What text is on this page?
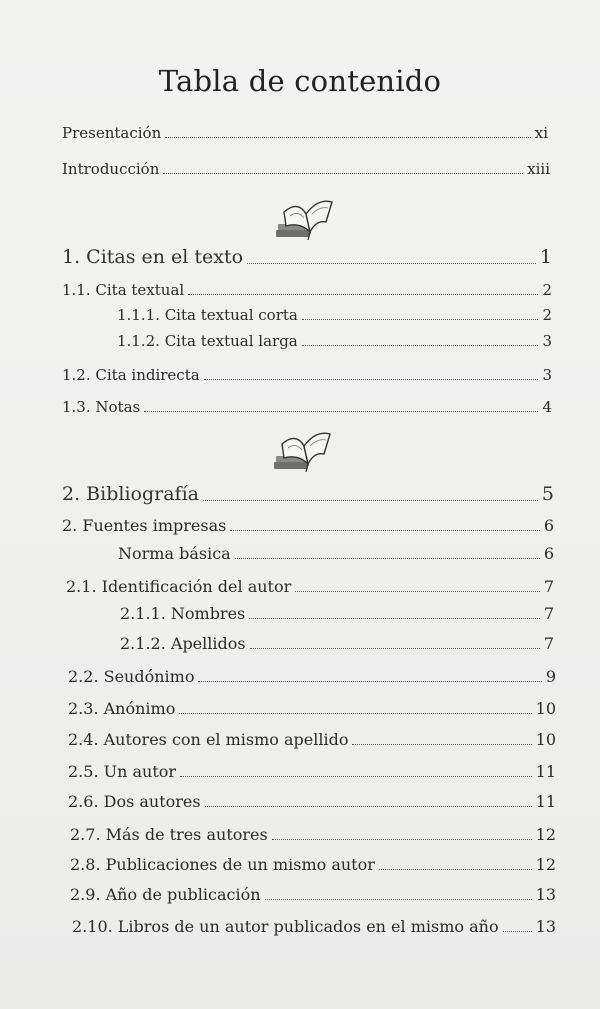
Tabla de contenido
Presentación	xi
Introducción	xiii
1. Citas en el texto	1
1.1. Cita textual	2
1.1.1. Cita textual corta	2
1.1.2. Cita textual larga	3
1.2. Cita indirecta	3
1.3. Notas	4
2. Bibliografía	5
2. Fuentes impresas	6
Norma básica	6
2.1. Identificación del autor	7
2.1.1. Nombres	7
2.1.2. Apellidos	7
2.2. Seudónimo	9
2.3. Anónimo	10
2.4. Autores con el mismo apellido	10
2.5. Un autor	11
2.6. Dos autores	11
2.7. Más de tres autores	12
2.8. Publicaciones de un mismo autor	12
2.9. Año de publicación	13
2.10. Libros de un autor publicados en el mismo año 13
